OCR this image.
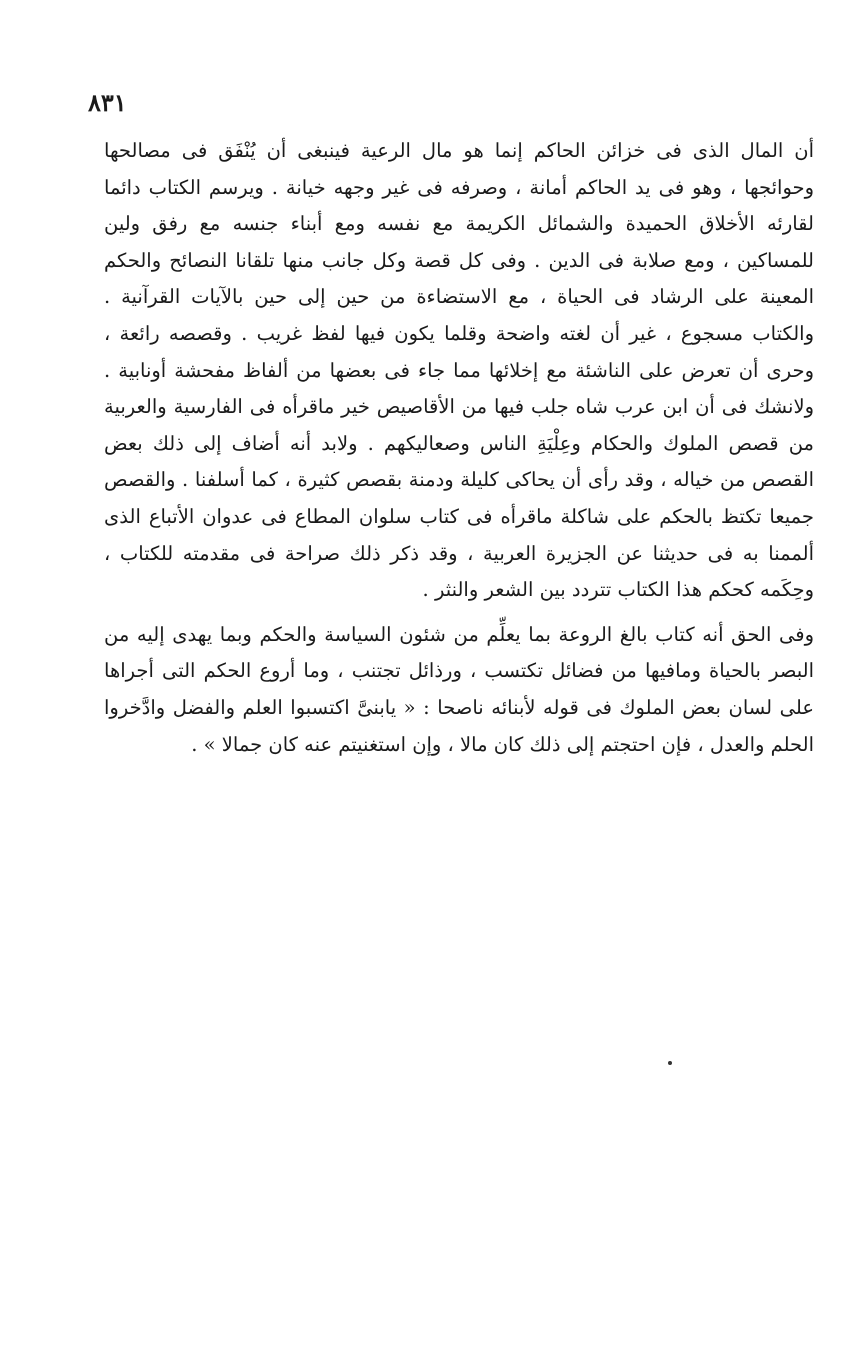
٨٣١

أن المال الذى فى خزائن الحاكم إنما هو مال الرعية فينبغى أن يُنْفَق فى مصالحها وحوائجها ، وهو فى يد الحاكم أمانة ، وصرفه فى غير وجهه خيانة . ويرسم الكتاب دائما لقارئه الأخلاق الحميدة والشمائل الكريمة مع نفسه ومع أبناء جنسه مع رفق ولين للمساكين ، ومع صلابة فى الدين . وفى كل قصة وكل جانب منها تلقانا النصائح والحكم المعينة على الرشاد فى الحياة ، مع الاستضاءة من حين إلى حين بالآيات القرآنية . والكتاب مسجوع ، غير أن لغته واضحة وقلما يكون فيها لفظ غريب . وقصصه رائعة ، وحرى أن تعرض على الناشئة مع إخلائها مما جاء فى بعضها من ألفاظ مفحشة أونابية . ولانشك فى أن ابن عرب شاه جلب فيها من الأقاصيص خير ماقرأه فى الفارسية والعربية من قصص الملوك والحكام وعِلْيَةِ الناس وصعاليكهم . ولابد أنه أضاف إلى ذلك بعض القصص من خياله ، وقد رأى أن يحاكى كليلة ودمنة بقصص كثيرة ، كما أسلفنا . والقصص جميعا تكتظ بالحكم على شاكلة ماقرأه فى كتاب سلوان المطاع فى عدوان الأتباع الذى ألممنا به فى حديثنا عن الجزيرة العربية ، وقد ذكر ذلك صراحة فى مقدمته للكتاب ، وحِكَمه كحكم هذا الكتاب تتردد بين الشعر والنثر .

وفى الحق أنه كتاب بالغ الروعة بما يعلِّم من شئون السياسة والحكم وبما يهدى إليه من البصر بالحياة ومافيها من فضائل تكتسب ، ورذائل تجتنب ، وما أروع الحكم التى أجراها على لسان بعض الملوك فى قوله لأبنائه ناصحا : « يابنىَّ اكتسبوا العلم والفضل وادَّخروا الحلم والعدل ، فإن احتجتم إلى ذلك كان مالا ، وإن استغنيتم عنه كان جمالا » .
